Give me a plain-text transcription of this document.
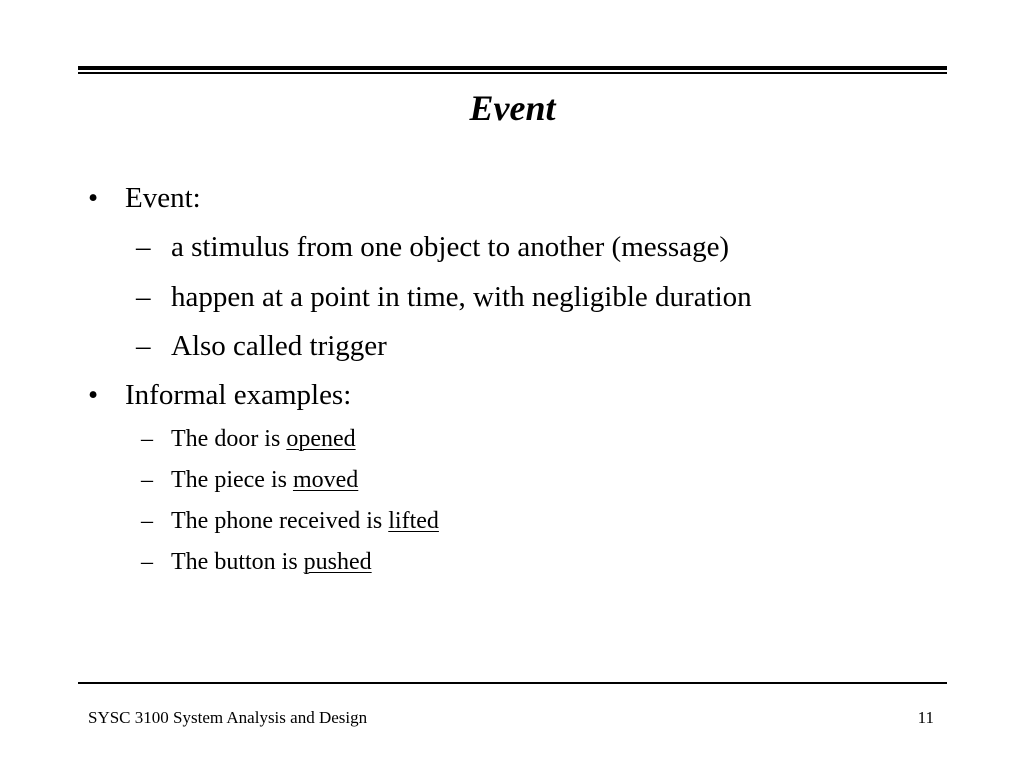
Event
• Event:
– a stimulus from one object to another (message)
– happen at a point in time, with negligible duration
– Also called trigger
• Informal examples:
– The door is opened
– The piece is moved
– The phone received is lifted
– The button is pushed
SYSC 3100 System Analysis and Design	11
